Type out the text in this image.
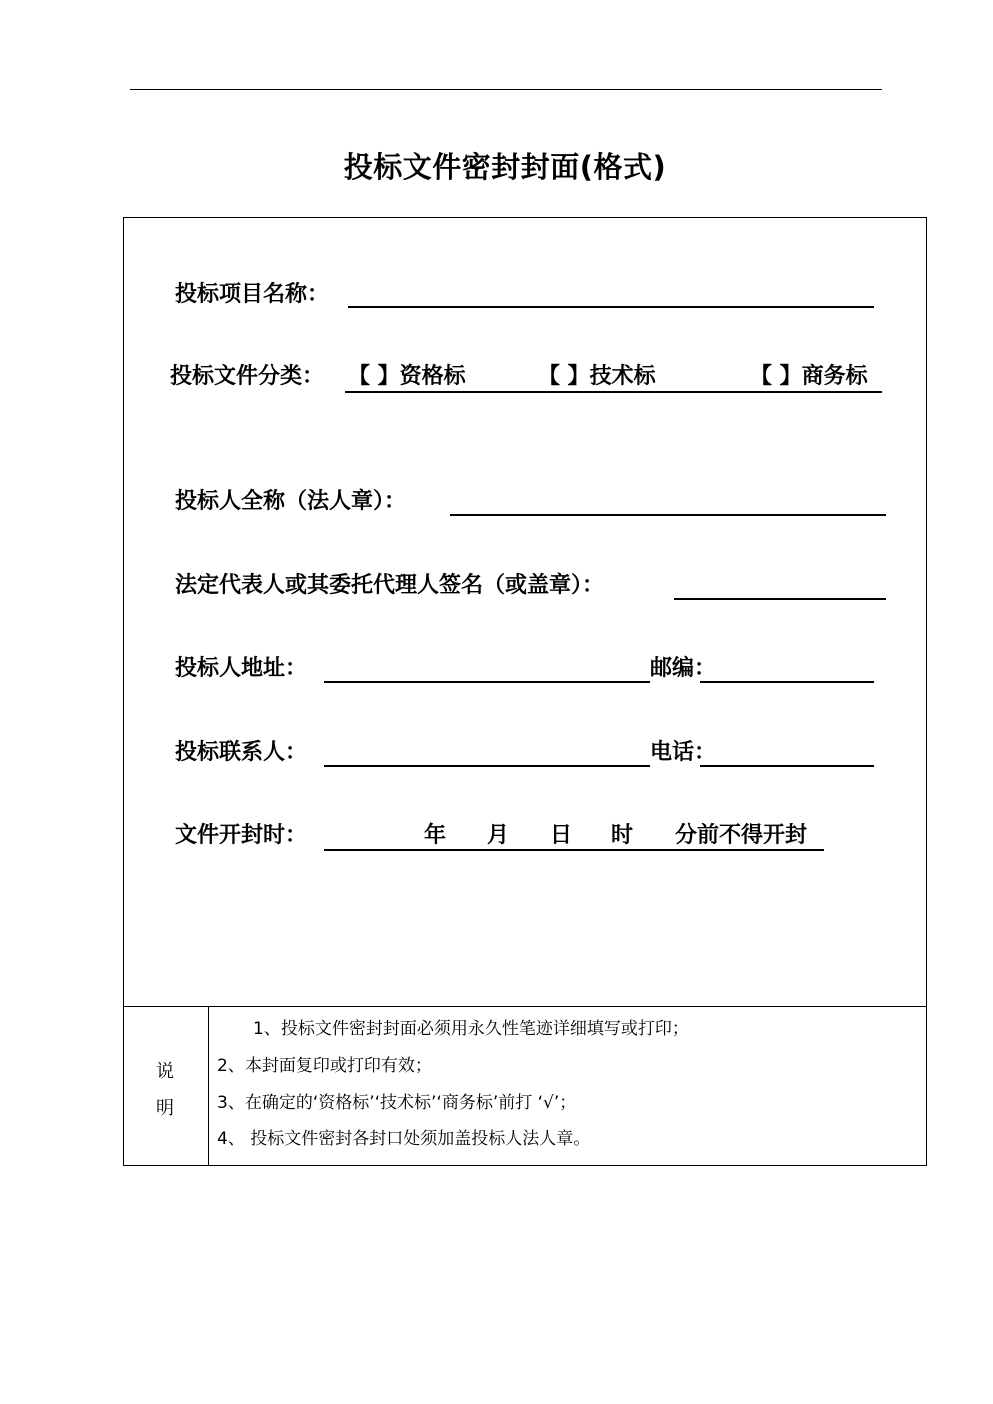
投标文件密封封面(格式)
投标项目名称：
投标文件分类： 【 】资格标	【 】技术标	【 】商务标
投标人全称（法人章）：
法定代表人或其委托代理人签名（或盖章）：
投标人地址：	邮编：
投标联系人：	电话：
文件开封时：	年 月 日 时 分前不得开封
说
明
1、投标文件密封封面必须用永久性笔迹详细填写或打印；
2、本封面复印或打印有效；
3、在确定的‘资格标’‘技术标’‘商务标’前打 ‘√’；
4、 投标文件密封各封口处须加盖投标人法人章。
